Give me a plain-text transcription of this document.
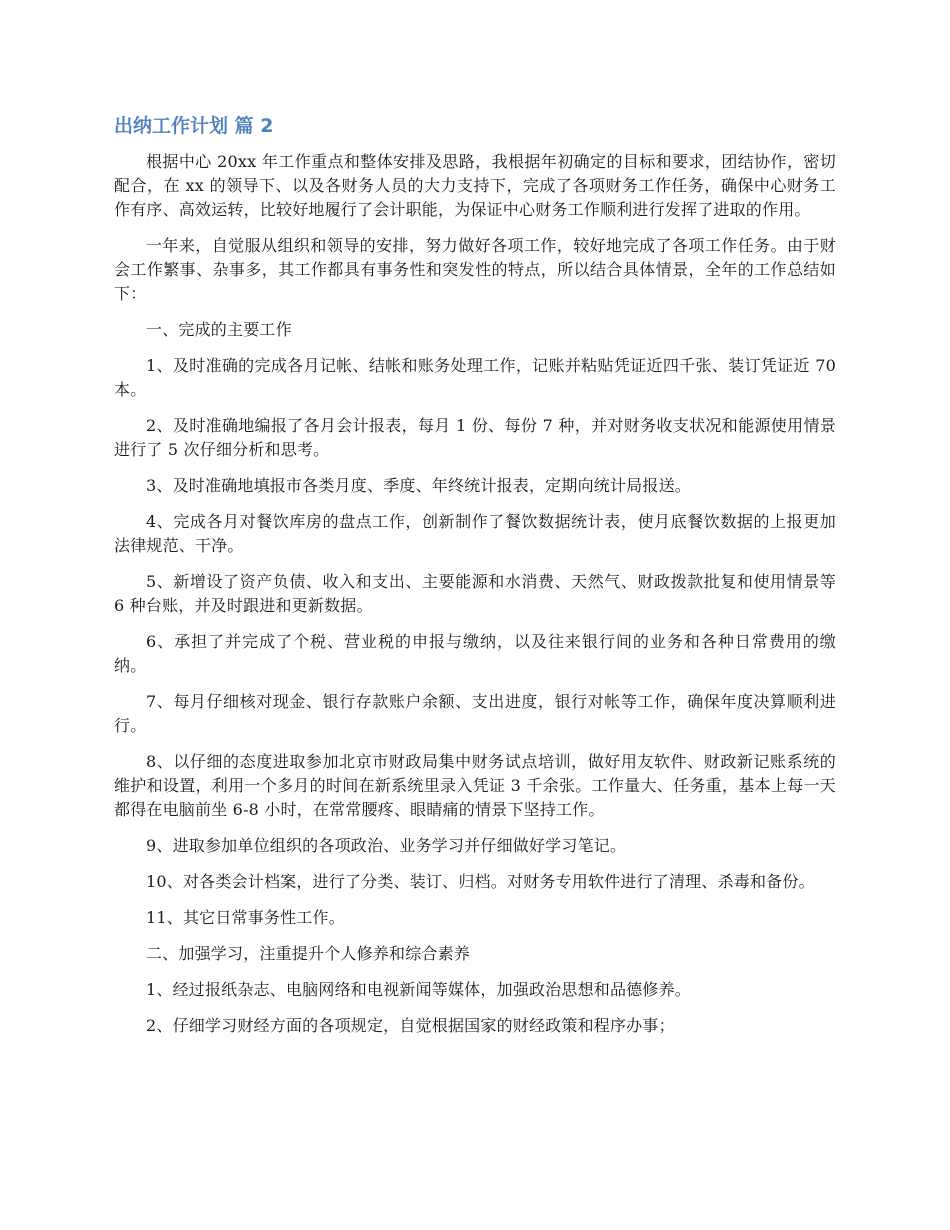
出纳工作计划 篇 2

根据中心 20xx 年工作重点和整体安排及思路，我根据年初确定的目标和要求，团结协作，密切配合，在 xx 的领导下、以及各财务人员的大力支持下，完成了各项财务工作任务，确保中心财务工作有序、高效运转，比较好地履行了会计职能，为保证中心财务工作顺利进行发挥了进取的作用。

一年来，自觉服从组织和领导的安排，努力做好各项工作，较好地完成了各项工作任务。由于财会工作繁事、杂事多，其工作都具有事务性和突发性的特点，所以结合具体情景，全年的工作总结如下：

一、完成的主要工作

1、及时准确的完成各月记帐、结帐和账务处理工作，记账并粘贴凭证近四千张、装订凭证近 70 本。

2、及时准确地编报了各月会计报表，每月 1 份、每份 7 种，并对财务收支状况和能源使用情景进行了 5 次仔细分析和思考。

3、及时准确地填报市各类月度、季度、年终统计报表，定期向统计局报送。

4、完成各月对餐饮库房的盘点工作，创新制作了餐饮数据统计表，使月底餐饮数据的上报更加法律规范、干净。

5、新增设了资产负债、收入和支出、主要能源和水消费、天然气、财政拨款批复和使用情景等 6 种台账，并及时跟进和更新数据。

6、承担了并完成了个税、营业税的申报与缴纳，以及往来银行间的业务和各种日常费用的缴纳。

7、每月仔细核对现金、银行存款账户余额、支出进度，银行对帐等工作，确保年度决算顺利进行。

8、以仔细的态度进取参加北京市财政局集中财务试点培训，做好用友软件、财政新记账系统的维护和设置，利用一个多月的时间在新系统里录入凭证 3 千余张。工作量大、任务重，基本上每一天都得在电脑前坐 6-8 小时，在常常腰疼、眼睛痛的情景下坚持工作。

9、进取参加单位组织的各项政治、业务学习并仔细做好学习笔记。

10、对各类会计档案，进行了分类、装订、归档。对财务专用软件进行了清理、杀毒和备份。

11、其它日常事务性工作。

二、加强学习，注重提升个人修养和综合素养

1、经过报纸杂志、电脑网络和电视新闻等媒体，加强政治思想和品德修养。

2、仔细学习财经方面的各项规定，自觉根据国家的财经政策和程序办事；
